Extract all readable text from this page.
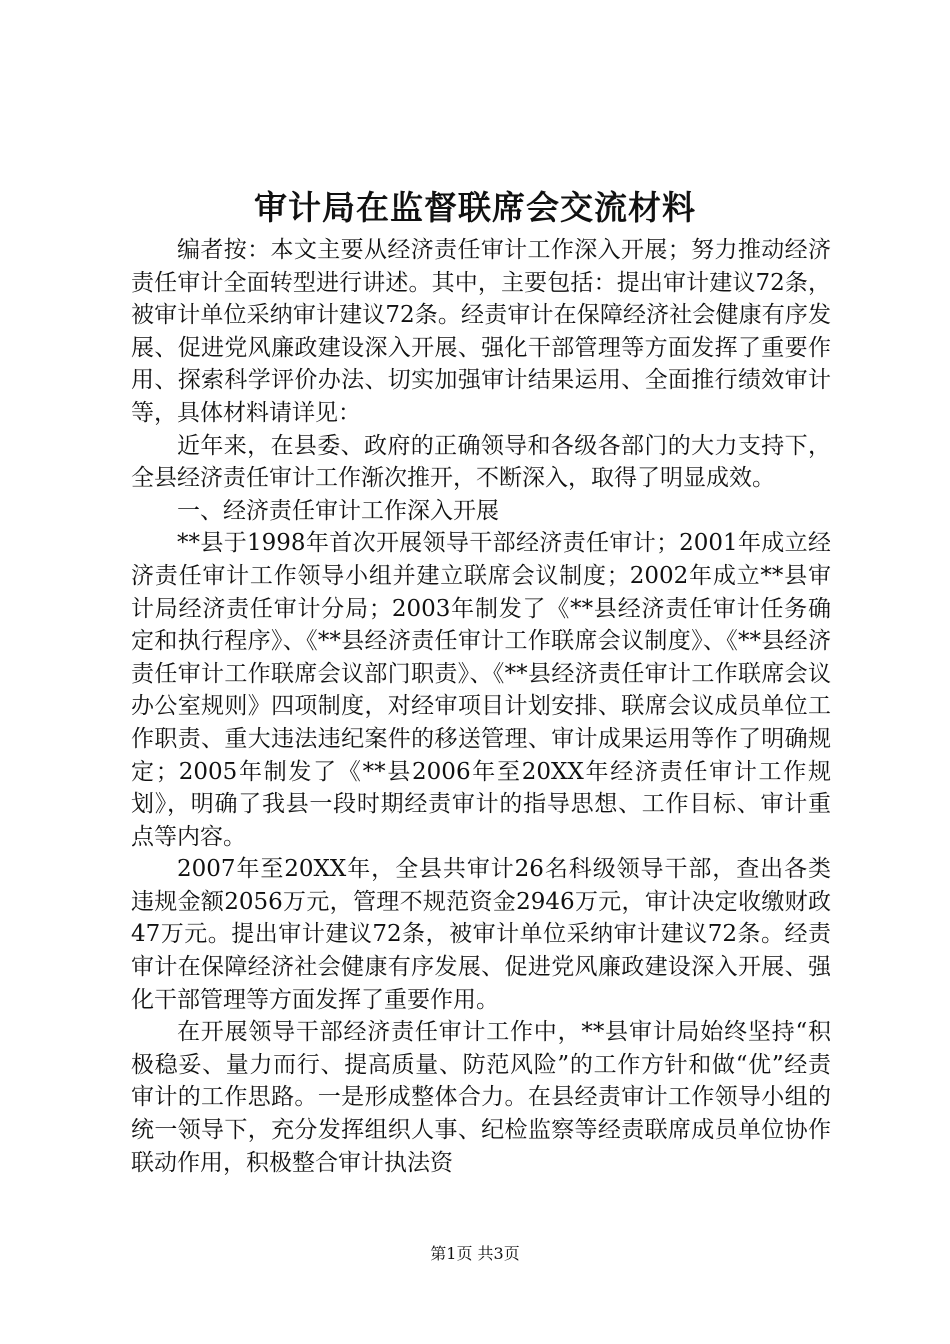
审计局在监督联席会交流材料

编者按：本文主要从经济责任审计工作深入开展；努力推动经济责任审计全面转型进行讲述。其中，主要包括：提出审计建议72条，被审计单位采纳审计建议72条。经责审计在保障经济社会健康有序发展、促进党风廉政建设深入开展、强化干部管理等方面发挥了重要作用、探索科学评价办法、切实加强审计结果运用、全面推行绩效审计等，具体材料请详见：

近年来，在县委、政府的正确领导和各级各部门的大力支持下，全县经济责任审计工作渐次推开，不断深入，取得了明显成效。

一、经济责任审计工作深入开展

**县于1998年首次开展领导干部经济责任审计；2001年成立经济责任审计工作领导小组并建立联席会议制度；2002年成立**县审计局经济责任审计分局；2003年制发了《**县经济责任审计任务确定和执行程序》、《**县经济责任审计工作联席会议制度》、《**县经济责任审计工作联席会议部门职责》、《**县经济责任审计工作联席会议办公室规则》四项制度，对经审项目计划安排、联席会议成员单位工作职责、重大违法违纪案件的移送管理、审计成果运用等作了明确规定；2005年制发了《**县2006年至20XX年经济责任审计工作规划》，明确了我县一段时期经责审计的指导思想、工作目标、审计重点等内容。

2007年至20XX年，全县共审计26名科级领导干部，查出各类违规金额2056万元，管理不规范资金2946万元，审计决定收缴财政47万元。提出审计建议72条，被审计单位采纳审计建议72条。经责审计在保障经济社会健康有序发展、促进党风廉政建设深入开展、强化干部管理等方面发挥了重要作用。

在开展领导干部经济责任审计工作中，**县审计局始终坚持“积极稳妥、量力而行、提高质量、防范风险”的工作方针和做“优”经责审计的工作思路。一是形成整体合力。在县经责审计工作领导小组的统一领导下，充分发挥组织人事、纪检监察等经责联席成员单位协作联动作用，积极整合审计执法资

第1页 共3页
